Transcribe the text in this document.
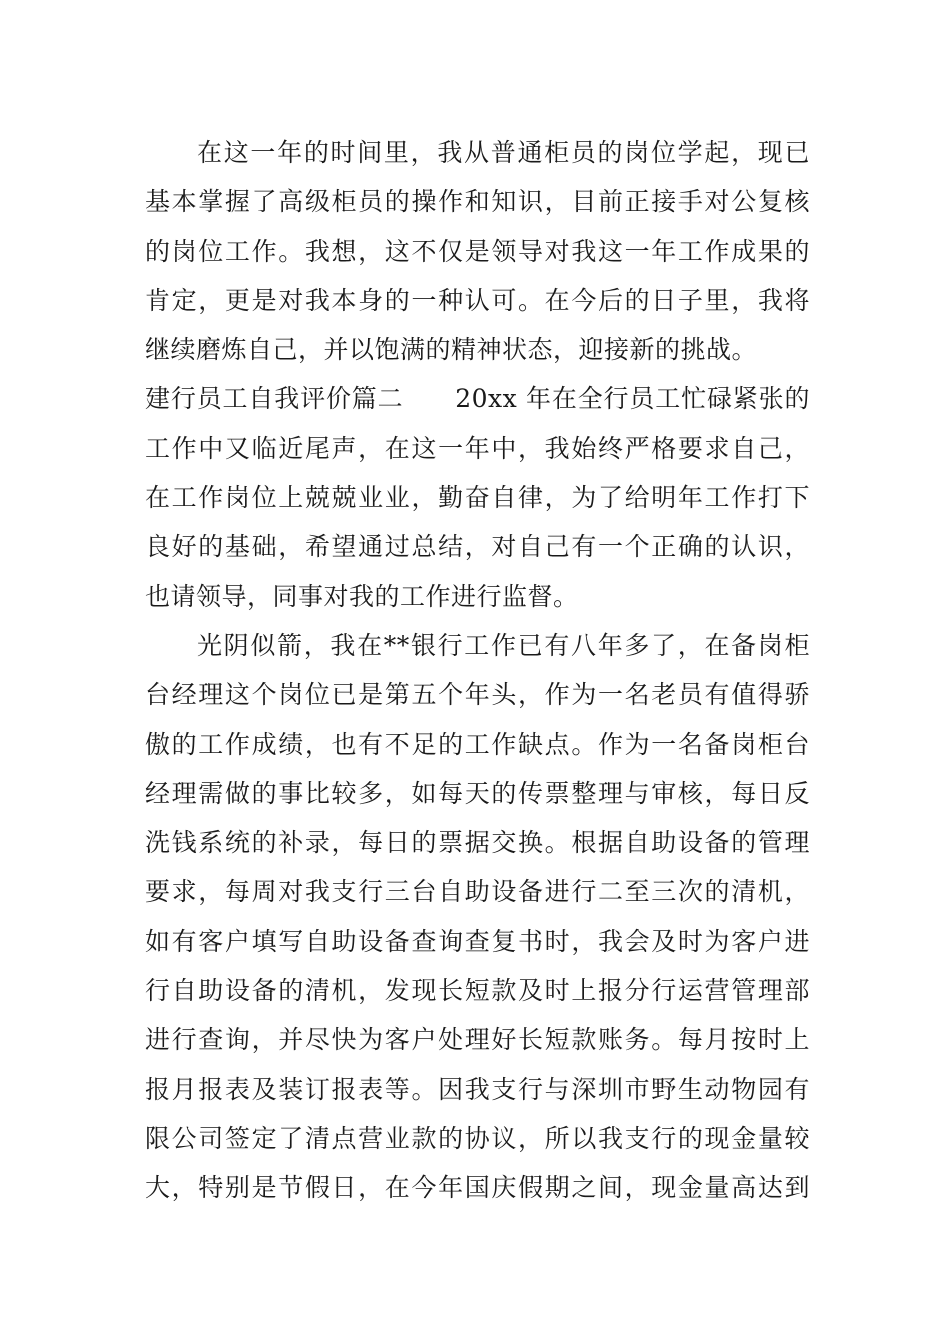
在这一年的时间里，我从普通柜员的岗位学起，现已
基本掌握了高级柜员的操作和知识，目前正接手对公复核
的岗位工作。我想，这不仅是领导对我这一年工作成果的
肯定，更是对我本身的一种认可。在今后的日子里，我将
继续磨炼自己，并以饱满的精神状态，迎接新的挑战。
建行员工自我评价篇二　　20xx 年在全行员工忙碌紧张的
工作中又临近尾声，在这一年中，我始终严格要求自己，
在工作岗位上兢兢业业，勤奋自律，为了给明年工作打下
良好的基础，希望通过总结，对自己有一个正确的认识，
也请领导，同事对我的工作进行监督。
光阴似箭，我在**银行工作已有八年多了，在备岗柜
台经理这个岗位已是第五个年头，作为一名老员有值得骄
傲的工作成绩，也有不足的工作缺点。作为一名备岗柜台
经理需做的事比较多，如每天的传票整理与审核，每日反
洗钱系统的补录，每日的票据交换。根据自助设备的管理
要求，每周对我支行三台自助设备进行二至三次的清机，
如有客户填写自助设备查询查复书时，我会及时为客户进
行自助设备的清机，发现长短款及时上报分行运营管理部
进行查询，并尽快为客户处理好长短款账务。每月按时上
报月报表及装订报表等。因我支行与深圳市野生动物园有
限公司签定了清点营业款的协议，所以我支行的现金量较
大，特别是节假日，在今年国庆假期之间，现金量高达到
